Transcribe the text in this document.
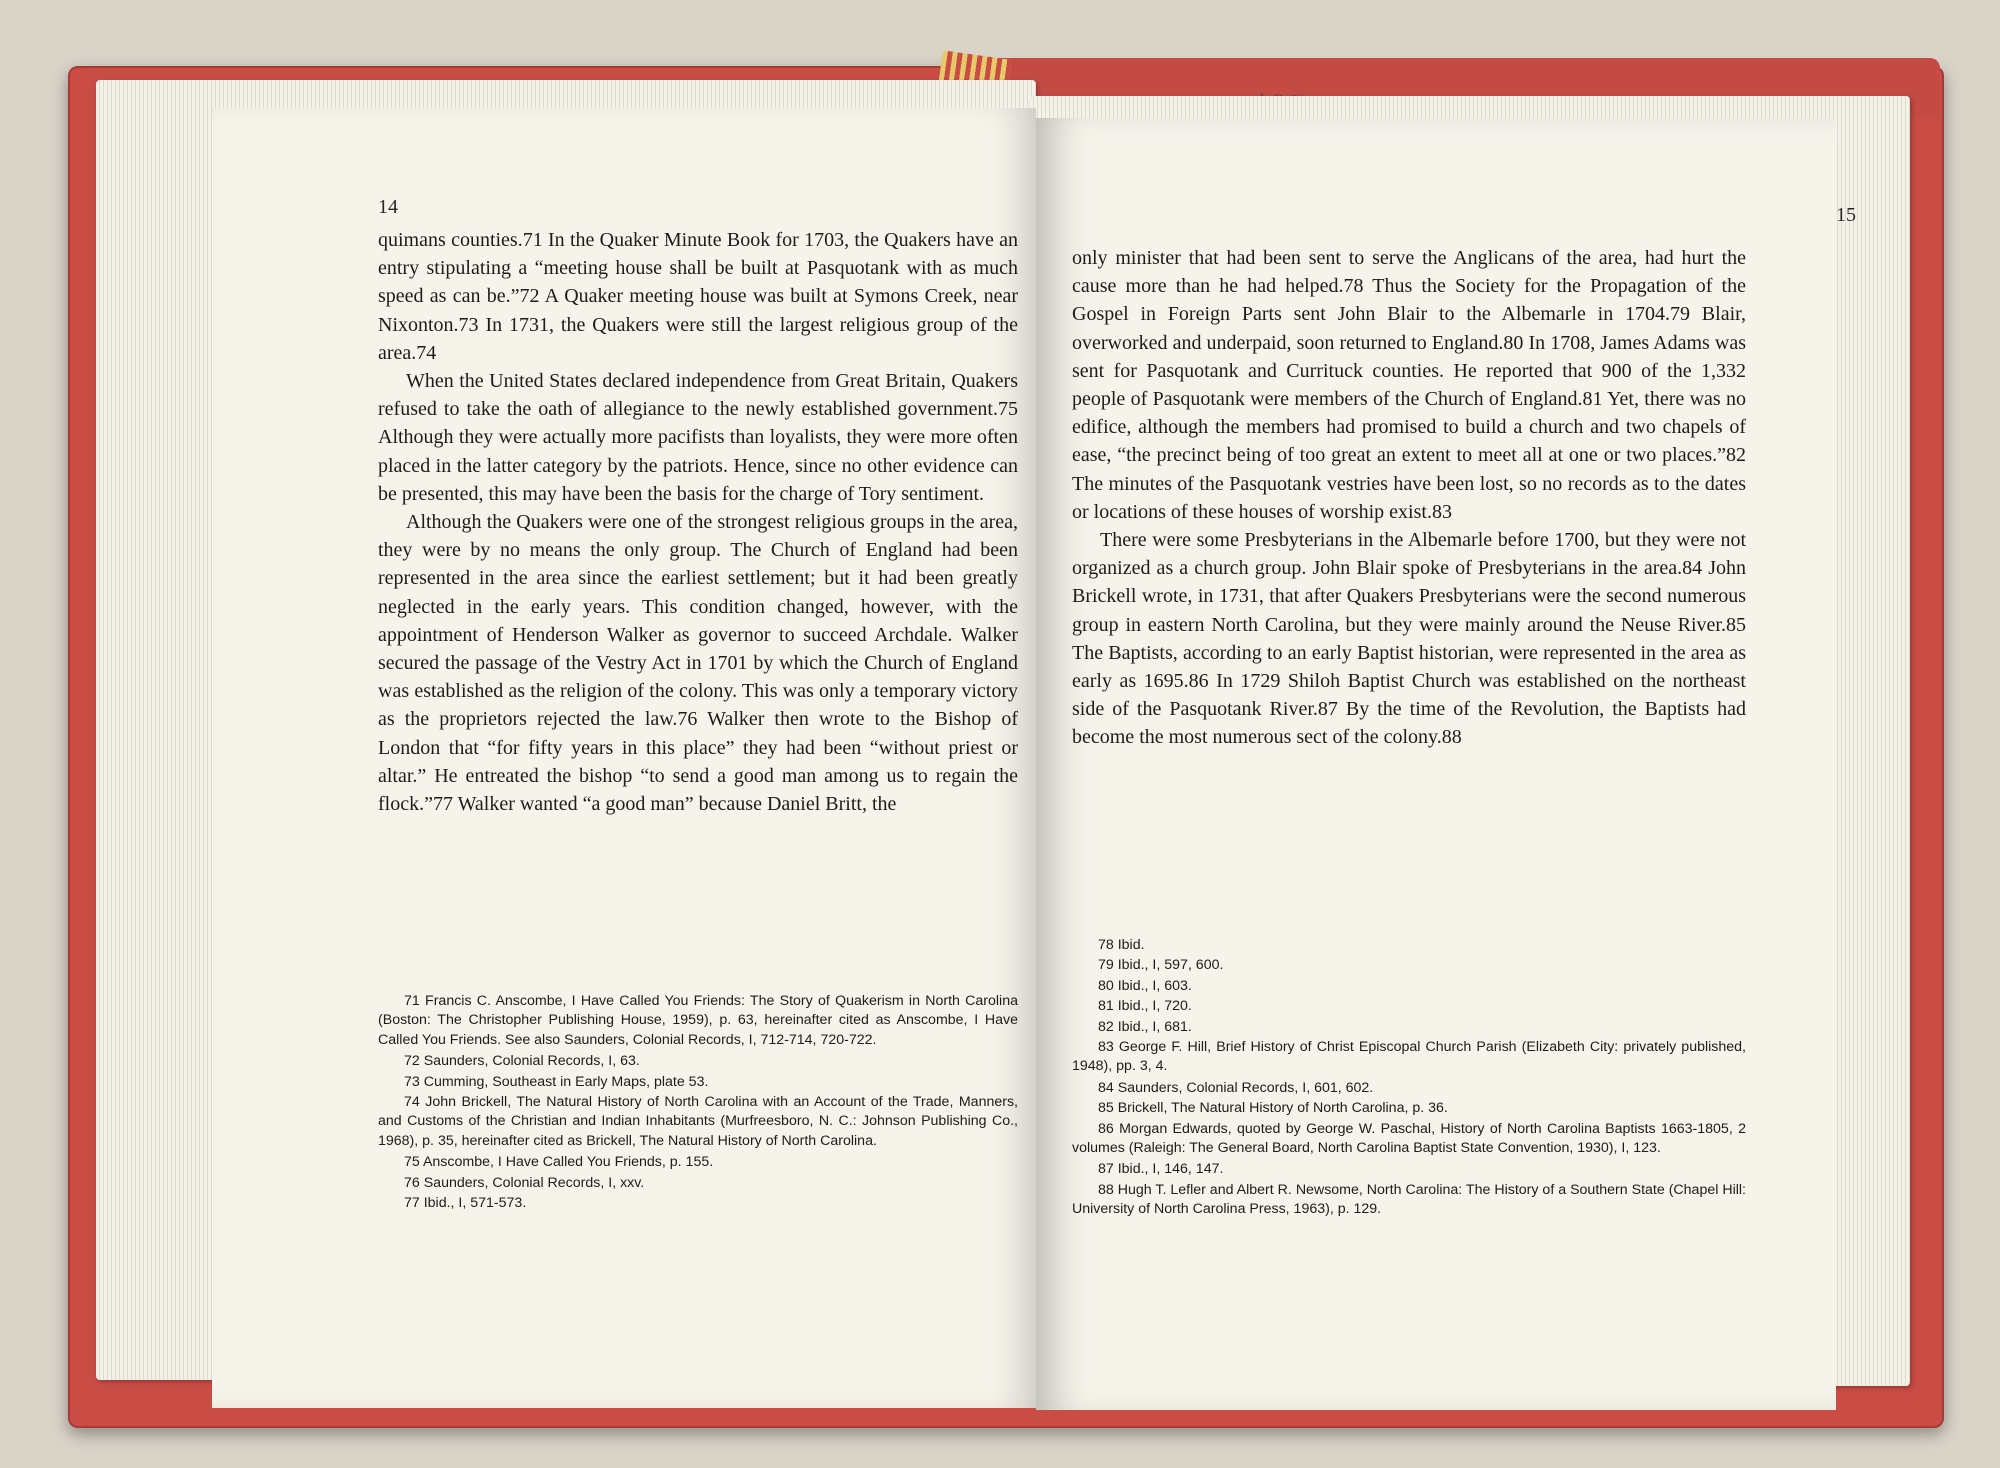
14

quimans counties.71 In the Quaker Minute Book for 1703, the Quakers have an entry stipulating a “meeting house shall be built at Pasquotank with as much speed as can be.”72 A Quaker meeting house was built at Symons Creek, near Nixonton.73 In 1731, the Quakers were still the largest religious group of the area.74

When the United States declared independence from Great Britain, Quakers refused to take the oath of allegiance to the newly established government.75 Although they were actually more pacifists than loyalists, they were more often placed in the latter category by the patriots. Hence, since no other evidence can be presented, this may have been the basis for the charge of Tory sentiment.

Although the Quakers were one of the strongest religious groups in the area, they were by no means the only group. The Church of England had been represented in the area since the earliest settlement; but it had been greatly neglected in the early years. This condition changed, however, with the appointment of Henderson Walker as governor to succeed Archdale. Walker secured the passage of the Vestry Act in 1701 by which the Church of England was established as the religion of the colony. This was only a temporary victory as the proprietors rejected the law.76 Walker then wrote to the Bishop of London that “for fifty years in this place” they had been “without priest or altar.” He entreated the bishop “to send a good man among us to regain the flock.”77 Walker wanted “a good man” because Daniel Britt, the

71 Francis C. Anscombe, I Have Called You Friends: The Story of Quakerism in North Carolina (Boston: The Christopher Publishing House, 1959), p. 63, hereinafter cited as Anscombe, I Have Called You Friends. See also Saunders, Colonial Records, I, 712-714, 720-722.

72 Saunders, Colonial Records, I, 63.

73 Cumming, Southeast in Early Maps, plate 53.

74 John Brickell, The Natural History of North Carolina with an Account of the Trade, Manners, and Customs of the Christian and Indian Inhabitants (Murfreesboro, N. C.: Johnson Publishing Co., 1968), p. 35, hereinafter cited as Brickell, The Natural History of North Carolina.

75 Anscombe, I Have Called You Friends, p. 155.

76 Saunders, Colonial Records, I, xxv.

77 Ibid., I, 571-573.

15

only minister that had been sent to serve the Anglicans of the area, had hurt the cause more than he had helped.78 Thus the Society for the Propagation of the Gospel in Foreign Parts sent John Blair to the Albemarle in 1704.79 Blair, overworked and underpaid, soon returned to England.80 In 1708, James Adams was sent for Pasquotank and Currituck counties. He reported that 900 of the 1,332 people of Pasquotank were members of the Church of England.81 Yet, there was no edifice, although the members had promised to build a church and two chapels of ease, “the precinct being of too great an extent to meet all at one or two places.”82 The minutes of the Pasquotank vestries have been lost, so no records as to the dates or locations of these houses of worship exist.83

There were some Presbyterians in the Albemarle before 1700, but they were not organized as a church group. John Blair spoke of Presbyterians in the area.84 John Brickell wrote, in 1731, that after Quakers Presbyterians were the second numerous group in eastern North Carolina, but they were mainly around the Neuse River.85 The Baptists, according to an early Baptist historian, were represented in the area as early as 1695.86 In 1729 Shiloh Baptist Church was established on the northeast side of the Pasquotank River.87 By the time of the Revolution, the Baptists had become the most numerous sect of the colony.88

78 Ibid.

79 Ibid., I, 597, 600.

80 Ibid., I, 603.

81 Ibid., I, 720.

82 Ibid., I, 681.

83 George F. Hill, Brief History of Christ Episcopal Church Parish (Elizabeth City: privately published, 1948), pp. 3, 4.

84 Saunders, Colonial Records, I, 601, 602.

85 Brickell, The Natural History of North Carolina, p. 36.

86 Morgan Edwards, quoted by George W. Paschal, History of North Carolina Baptists 1663-1805, 2 volumes (Raleigh: The General Board, North Carolina Baptist State Convention, 1930), I, 123.

87 Ibid., I, 146, 147.

88 Hugh T. Lefler and Albert R. Newsome, North Carolina: The History of a Southern State (Chapel Hill: University of North Carolina Press, 1963), p. 129.
